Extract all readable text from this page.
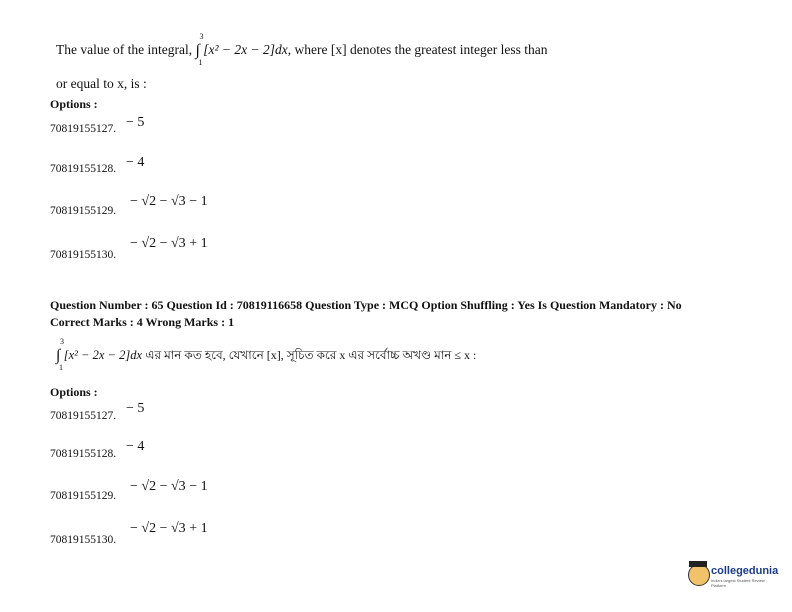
The value of the integral, ∫
3
1
[x² − 2x − 2]dx, where [x] denotes the greatest integer less than
or equal to x, is :
Options :
70819155127. − 5
70819155128. − 4
70819155129.
− √2 − √3 − 1
70819155130.
− √2 − √3 + 1
Question Number : 65 Question Id : 70819116658 Question Type : MCQ Option Shuffling : Yes Is Question Mandatory : No
Correct Marks : 4 Wrong Marks : 1
∫
3
1
[x² − 2x − 2]dx এর মান কত হবে, যেখানে [x], সূচিত করে x এর সর্বোচ্চ অখণ্ড মান ≤ x :
Options :
70819155127. − 5
70819155128. − 4
70819155129.
− √2 − √3 − 1
70819155130.
− √2 − √3 + 1
collegedunia
India's largest Student Review Platform
